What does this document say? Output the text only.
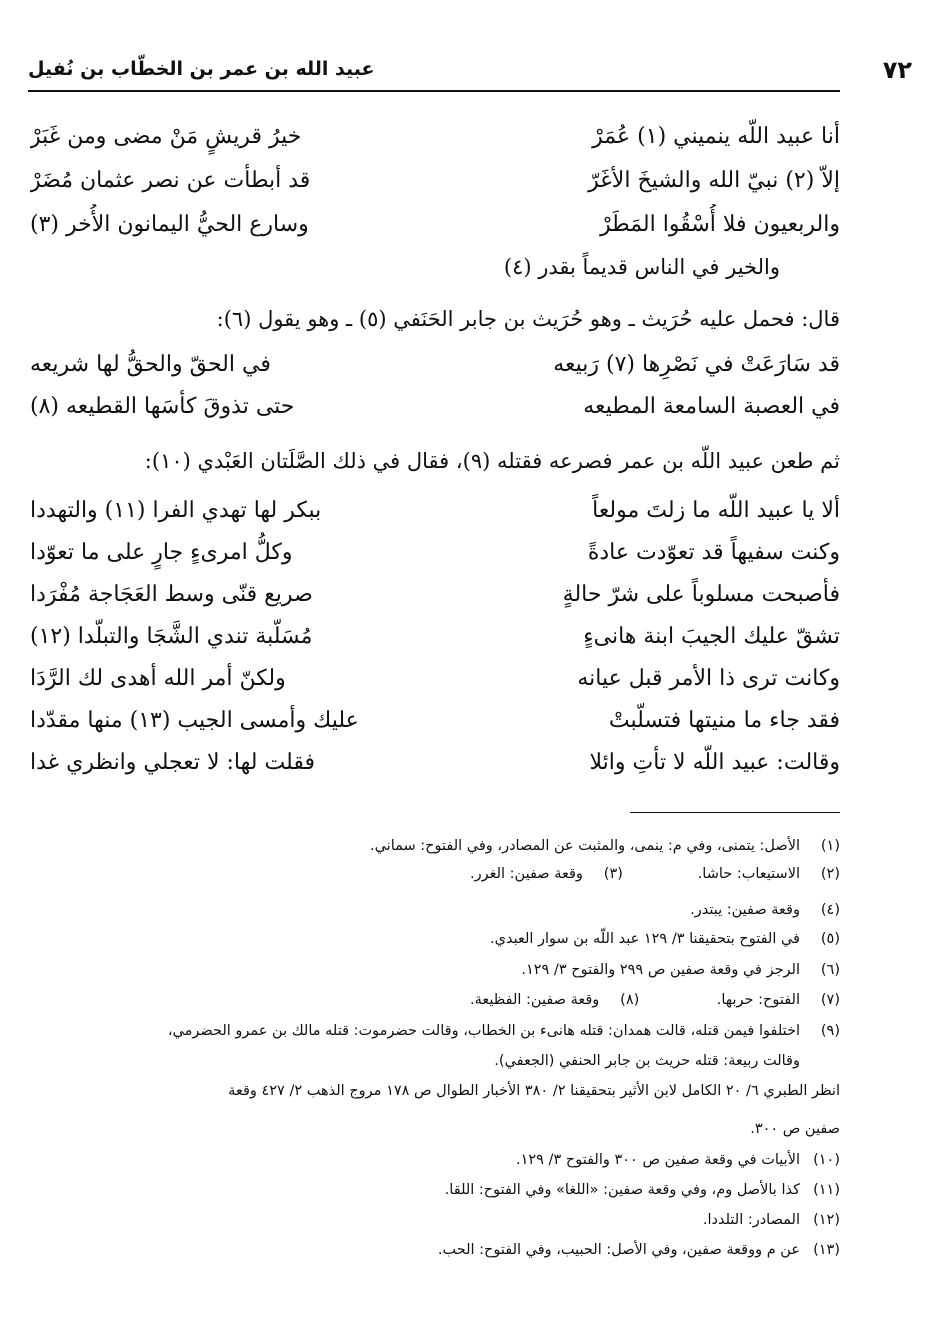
٧٢
عبيد الله بن عمر بن الخطّاب بن نُفيل
أنا عبيد اللّه ينميني (١) عُمَرْ
خيرُ قريشٍ مَنْ مضى ومن غَبَرْ
إلاّ (٢) نبيّ الله والشيخَ الأغَرّ
قد أبطأت عن نصر عثمان مُضَرْ
والربعيون فلا أُسْقُوا المَطَرْ
وسارع الحيُّ اليمانون الأُخر (٣)
والخير في الناس قديماً بقدر (٤)
قال: فحمل عليه حُرَيث ـ وهو حُرَيث بن جابر الحَنَفي (٥) ـ وهو يقول (٦):
قد سَارَعَتْ في نَصْرِها (٧) رَبيعه
في الحقّ والحقُّ لها شريعه
في العصبة السامعة المطيعه
حتى تذوقَ كأسَها القطيعه (٨)
ثم طعن عبيد اللّه بن عمر فصرعه فقتله (٩)، فقال في ذلك الصَّلَتان العَبْدي (١٠):
ألا يا عبيد اللّه ما زلتَ مولعاً
ببكر لها تهدي الفرا (١١) والتهددا
وكنت سفيهاً قد تعوّدت عادةً
وكلُّ امرىءٍ جارٍ على ما تعوّدا
فأصبحت مسلوباً على شرّ حالةٍ
صريع قنّى وسط العَجَاجة مُفْرَدا
تشقّ عليك الجيبَ ابنة هانىءٍ
مُسَلّبة تندي الشَّجَا والتبلّدا (١٢)
وكانت ترى ذا الأمر قبل عيانه
ولكنّ أمر الله أهدى لك الرَّدَا
فقد جاء ما منيتها فتسلّبتْ
عليك وأمسى الجيب (١٣) منها مقدّدا
وقالت: عبيد اللّه لا تأتِ وائلا
فقلت لها: لا تعجلي وانظري غدا
(١)الأصل: يتمنى، وفي م: ينمى، والمثبت عن المصادر، وفي الفتوح: سماني.
(٢)الاستيعاب: حاشا.
(٣)وقعة صفين: الغرر.
(٤)وقعة صفين: يبتدر.
(٥)في الفتوح بتحقيقنا ٣/ ١٢٩ عبد اللّه بن سوار العبدي.
(٦)الرجز في وقعة صفين ص ٢٩٩ والفتوح ٣/ ١٢٩.
(٧)الفتوح: حربها.
(٨)وقعة صفين: الفظيعة.
(٩)اختلفوا فيمن قتله، قالت همدان: قتله هانىء بن الخطاب، وقالت حضرموت: قتله مالك بن عمرو الحضرمي،
وقالت ربيعة: قتله حريث بن جابر الحنفي (الجعفي).
انظر الطبري ٦/ ٢٠ الكامل لابن الأثير بتحقيقنا ٢/ ٣٨٠ الأخبار الطوال ص ١٧٨ مروج الذهب ٢/ ٤٢٧ وقعة
صفين ص ٣٠٠.
(١٠)الأبيات في وقعة صفين ص ٣٠٠ والفتوح ٣/ ١٢٩.
(١١)كذا بالأصل وم، وفي وقعة صفين: «اللغا» وفي الفتوح: اللقا.
(١٢)المصادر: التلددا.
(١٣)عن م ووقعة صفين، وفي الأصل: الحبيب، وفي الفتوح: الحب.
